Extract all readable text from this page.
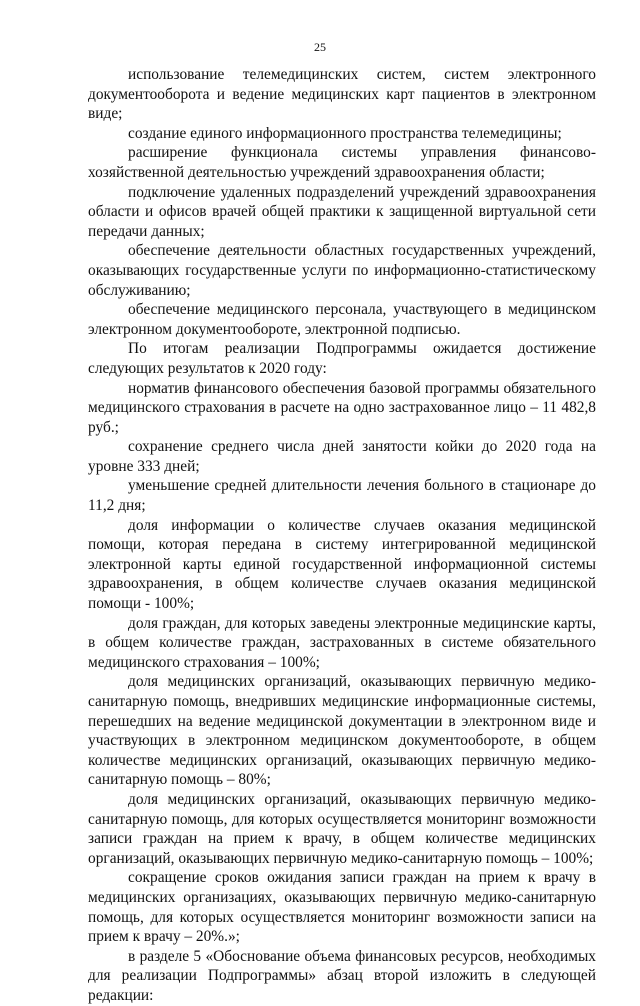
25

использование телемедицинских систем, систем электронного документооборота и ведение медицинских карт пациентов в электронном виде;

создание единого информационного пространства телемедицины;

расширение функционала системы управления финансово-хозяйственной деятельностью учреждений здравоохранения области;

подключение удаленных подразделений учреждений здравоохранения области и офисов врачей общей практики к защищенной виртуальной сети передачи данных;

обеспечение деятельности областных государственных учреждений, оказывающих государственные услуги по информационно-статистическому обслуживанию;

обеспечение медицинского персонала, участвующего в медицинском электронном документообороте, электронной подписью.

По итогам реализации Подпрограммы ожидается достижение следующих результатов к 2020 году:

норматив финансового обеспечения базовой программы обязательного медицинского страхования в расчете на одно застрахованное лицо – 11 482,8 руб.;

сохранение среднего числа дней занятости койки до 2020 года на уровне 333 дней;

уменьшение средней длительности лечения больного в стационаре до 11,2 дня;

доля информации о количестве случаев оказания медицинской помощи, которая передана в систему интегрированной медицинской электронной карты единой государственной информационной системы здравоохранения, в общем количестве случаев оказания медицинской помощи - 100%;

доля граждан, для которых заведены электронные медицинские карты, в общем количестве граждан, застрахованных в системе обязательного медицинского страхования – 100%;

доля медицинских организаций, оказывающих первичную медико-санитарную помощь, внедривших медицинские информационные системы, перешедших на ведение медицинской документации в электронном виде и участвующих в электронном медицинском документообороте, в общем количестве медицинских организаций, оказывающих первичную медико-санитарную помощь – 80%;

доля медицинских организаций, оказывающих первичную медико-санитарную помощь, для которых осуществляется мониторинг возможности записи граждан на прием к врачу, в общем количестве медицинских организаций, оказывающих первичную медико-санитарную помощь – 100%;

сокращение сроков ожидания записи граждан на прием к врачу в медицинских организациях, оказывающих первичную медико-санитарную помощь, для которых осуществляется мониторинг возможности записи на прием к врачу – 20%.»;

в разделе 5 «Обоснование объема финансовых ресурсов, необходимых для реализации Подпрограммы» абзац второй изложить в следующей редакции:
